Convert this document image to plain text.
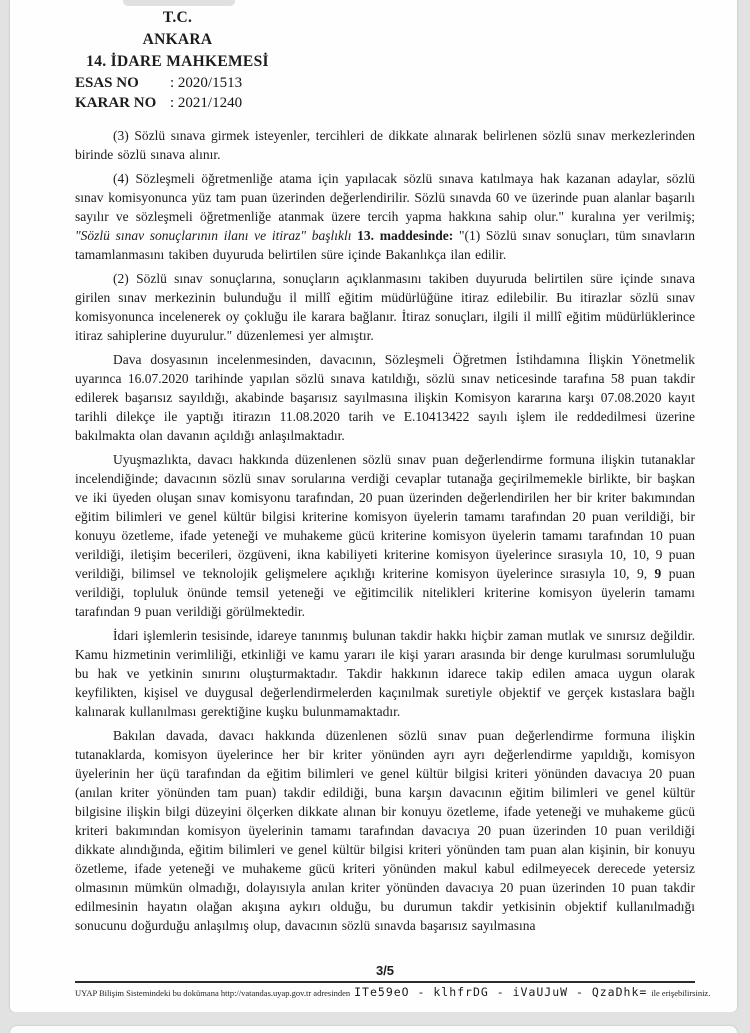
T.C.
ANKARA
14. İDARE MAHKEMESİ
ESAS NO	: 2020/1513
KARAR NO : 2021/1240

(3) Sözlü sınava girmek isteyenler, tercihleri de dikkate alınarak belirlenen sözlü sınav merkezlerinden birinde sözlü sınava alınır.

(4) Sözleşmeli öğretmenliğe atama için yapılacak sözlü sınava katılmaya hak kazanan adaylar, sözlü sınav komisyonunca yüz tam puan üzerinden değerlendirilir. Sözlü sınavda 60 ve üzerinde puan alanlar başarılı sayılır ve sözleşmeli öğretmenliğe atanmak üzere tercih yapma hakkına sahip olur." kuralına yer verilmiş; "Sözlü sınav sonuçlarının ilanı ve itiraz" başlıklı 13. maddesinde: "(1) Sözlü sınav sonuçları, tüm sınavların tamamlanmasını takiben duyuruda belirtilen süre içinde Bakanlıkça ilan edilir.

(2) Sözlü sınav sonuçlarına, sonuçların açıklanmasını takiben duyuruda belirtilen süre içinde sınava girilen sınav merkezinin bulunduğu il millî eğitim müdürlüğüne itiraz edilebilir. Bu itirazlar sözlü sınav komisyonunca incelenerek oy çokluğu ile karara bağlanır. İtiraz sonuçları, ilgili il millî eğitim müdürlüklerince itiraz sahiplerine duyurulur." düzenlemesi yer almıştır.

Dava dosyasının incelenmesinden, davacının, Sözleşmeli Öğretmen İstihdamına İlişkin Yönetmelik uyarınca 16.07.2020 tarihinde yapılan sözlü sınava katıldığı, sözlü sınav neticesinde tarafına 58 puan takdir edilerek başarısız sayıldığı, akabinde başarısız sayılmasına ilişkin Komisyon kararına karşı 07.08.2020 kayıt tarihli dilekçe ile yaptığı itirazın 11.08.2020 tarih ve E.10413422 sayılı işlem ile reddedilmesi üzerine bakılmakta olan davanın açıldığı anlaşılmaktadır.

Uyuşmazlıkta, davacı hakkında düzenlenen sözlü sınav puan değerlendirme formuna ilişkin tutanaklar incelendiğinde; davacının sözlü sınav sorularına verdiği cevaplar tutanağa geçirilmemekle birlikte, bir başkan ve iki üyeden oluşan sınav komisyonu tarafından, 20 puan üzerinden değerlendirilen her bir kriter bakımından eğitim bilimleri ve genel kültür bilgisi kriterine komisyon üyelerin tamamı tarafından 20 puan verildiği, bir konuyu özetleme, ifade yeteneği ve muhakeme gücü kriterine komisyon üyelerin tamamı tarafından 10 puan verildiği, iletişim becerileri, özgüveni, ikna kabiliyeti kriterine komisyon üyelerince sırasıyla 10, 10, 9 puan verildiği, bilimsel ve teknolojik gelişmelere açıklığı kriterine komisyon üyelerince sırasıyla 10, 9, 9 puan verildiği, topluluk önünde temsil yeteneği ve eğitimcilik nitelikleri kriterine komisyon üyelerin tamamı tarafından 9 puan verildiği görülmektedir.

İdari işlemlerin tesisinde, idareye tanınmış bulunan takdir hakkı hiçbir zaman mutlak ve sınırsız değildir. Kamu hizmetinin verimliliği, etkinliği ve kamu yararı ile kişi yararı arasında bir denge kurulması sorumluluğu bu hak ve yetkinin sınırını oluşturmaktadır. Takdir hakkının idarece takip edilen amaca uygun olarak keyfilikten, kişisel ve duygusal değerlendirmelerden kaçınılmak suretiyle objektif ve gerçek kıstaslara bağlı kalınarak kullanılması gerektiğine kuşku bulunmamaktadır.

Bakılan davada, davacı hakkında düzenlenen sözlü sınav puan değerlendirme formuna ilişkin tutanaklarda, komisyon üyelerince her bir kriter yönünden ayrı ayrı değerlendirme yapıldığı, komisyon üyelerinin her üçü tarafından da eğitim bilimleri ve genel kültür bilgisi kriteri yönünden davacıya 20 puan (anılan kriter yönünden tam puan) takdir edildiği, buna karşın davacının eğitim bilimleri ve genel kültür bilgisine ilişkin bilgi düzeyini ölçerken dikkate alınan bir konuyu özetleme, ifade yeteneği ve muhakeme gücü kriteri bakımından komisyon üyelerinin tamamı tarafından davacıya 20 puan üzerinden 10 puan verildiği dikkate alındığında, eğitim bilimleri ve genel kültür bilgisi kriteri yönünden tam puan alan kişinin, bir konuyu özetleme, ifade yeteneği ve muhakeme gücü kriteri yönünden makul kabul edilmeyecek derecede yetersiz olmasının mümkün olmadığı, dolayısıyla anılan kriter yönünden davacıya 20 puan üzerinden 10 puan takdir edilmesinin hayatın olağan akışına aykırı olduğu, bu durumun takdir yetkisinin objektif kullanılmadığı sonucunu doğurduğu anlaşılmış olup, davacının sözlü sınavda başarısız sayılmasına

3/5
UYAP Bilişim Sistemindeki bu dokümana http://vatandas.uyap.gov.tr adresinden ITe59eO - klhfrDG - iVaUJuW - QzaDhk= ile erişebilirsiniz.
